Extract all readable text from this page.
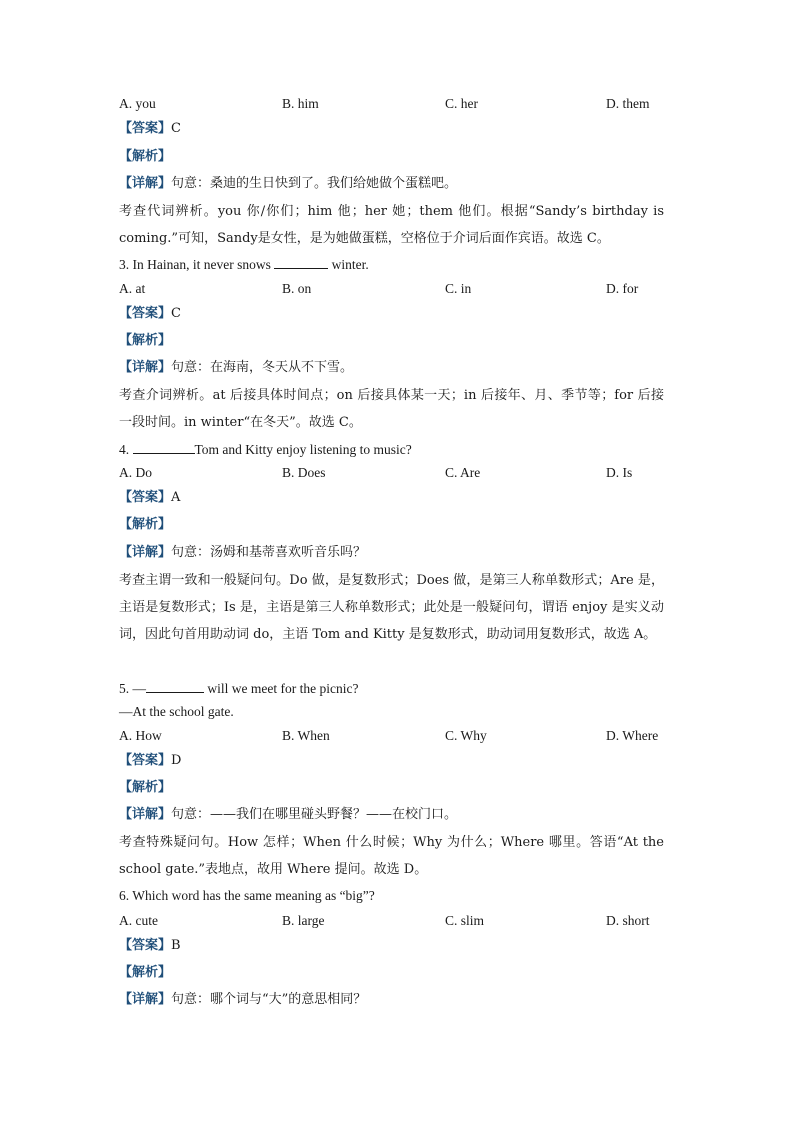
A. you	B. him	C. her	D. them
【答案】C
【解析】
【详解】句意：桑迪的生日快到了。我们给她做个蛋糕吧。
考查代词辨析。you 你/你们；him 他；her 她；them 他们。根据“Sandy’s birthday is coming.”可知，Sandy是女性，是为她做蛋糕，空格位于介词后面作宾语。故选 C。
3. In Hainan, it never snows	winter.
A. at	B. on	C. in	D. for
【答案】C
【解析】
【详解】句意：在海南，冬天从不下雪。
考查介词辨析。at 后接具体时间点；on 后接具体某一天；in 后接年、月、季节等；for 后接一段时间。in winter“在冬天”。故选 C。
4.	Tom and Kitty enjoy listening to music?
A. Do	B. Does	C. Are	D. Is
【答案】A
【解析】
【详解】句意：汤姆和基蒂喜欢听音乐吗？
考查主谓一致和一般疑问句。Do 做，是复数形式；Does 做，是第三人称单数形式；Are 是，主语是复数形式；Is 是，主语是第三人称单数形式；此处是一般疑问句，谓语 enjoy 是实义动词，因此句首用助动词 do，主语 Tom and Kitty 是复数形式，助动词用复数形式，故选 A。
5. —	will we meet for the picnic?
—At the school gate.
A. How	B. When	C. Why	D. Where
【答案】D
【解析】
【详解】句意：——我们在哪里碰头野餐？——在校门口。
考查特殊疑问句。How 怎样；When 什么时候；Why 为什么；Where 哪里。答语“At the school gate.”表地点，故用 Where 提问。故选 D。
6. Which word has the same meaning as “big”?
A. cute	B. large	C. slim	D. short
【答案】B
【解析】
【详解】句意：哪个词与“大”的意思相同？
